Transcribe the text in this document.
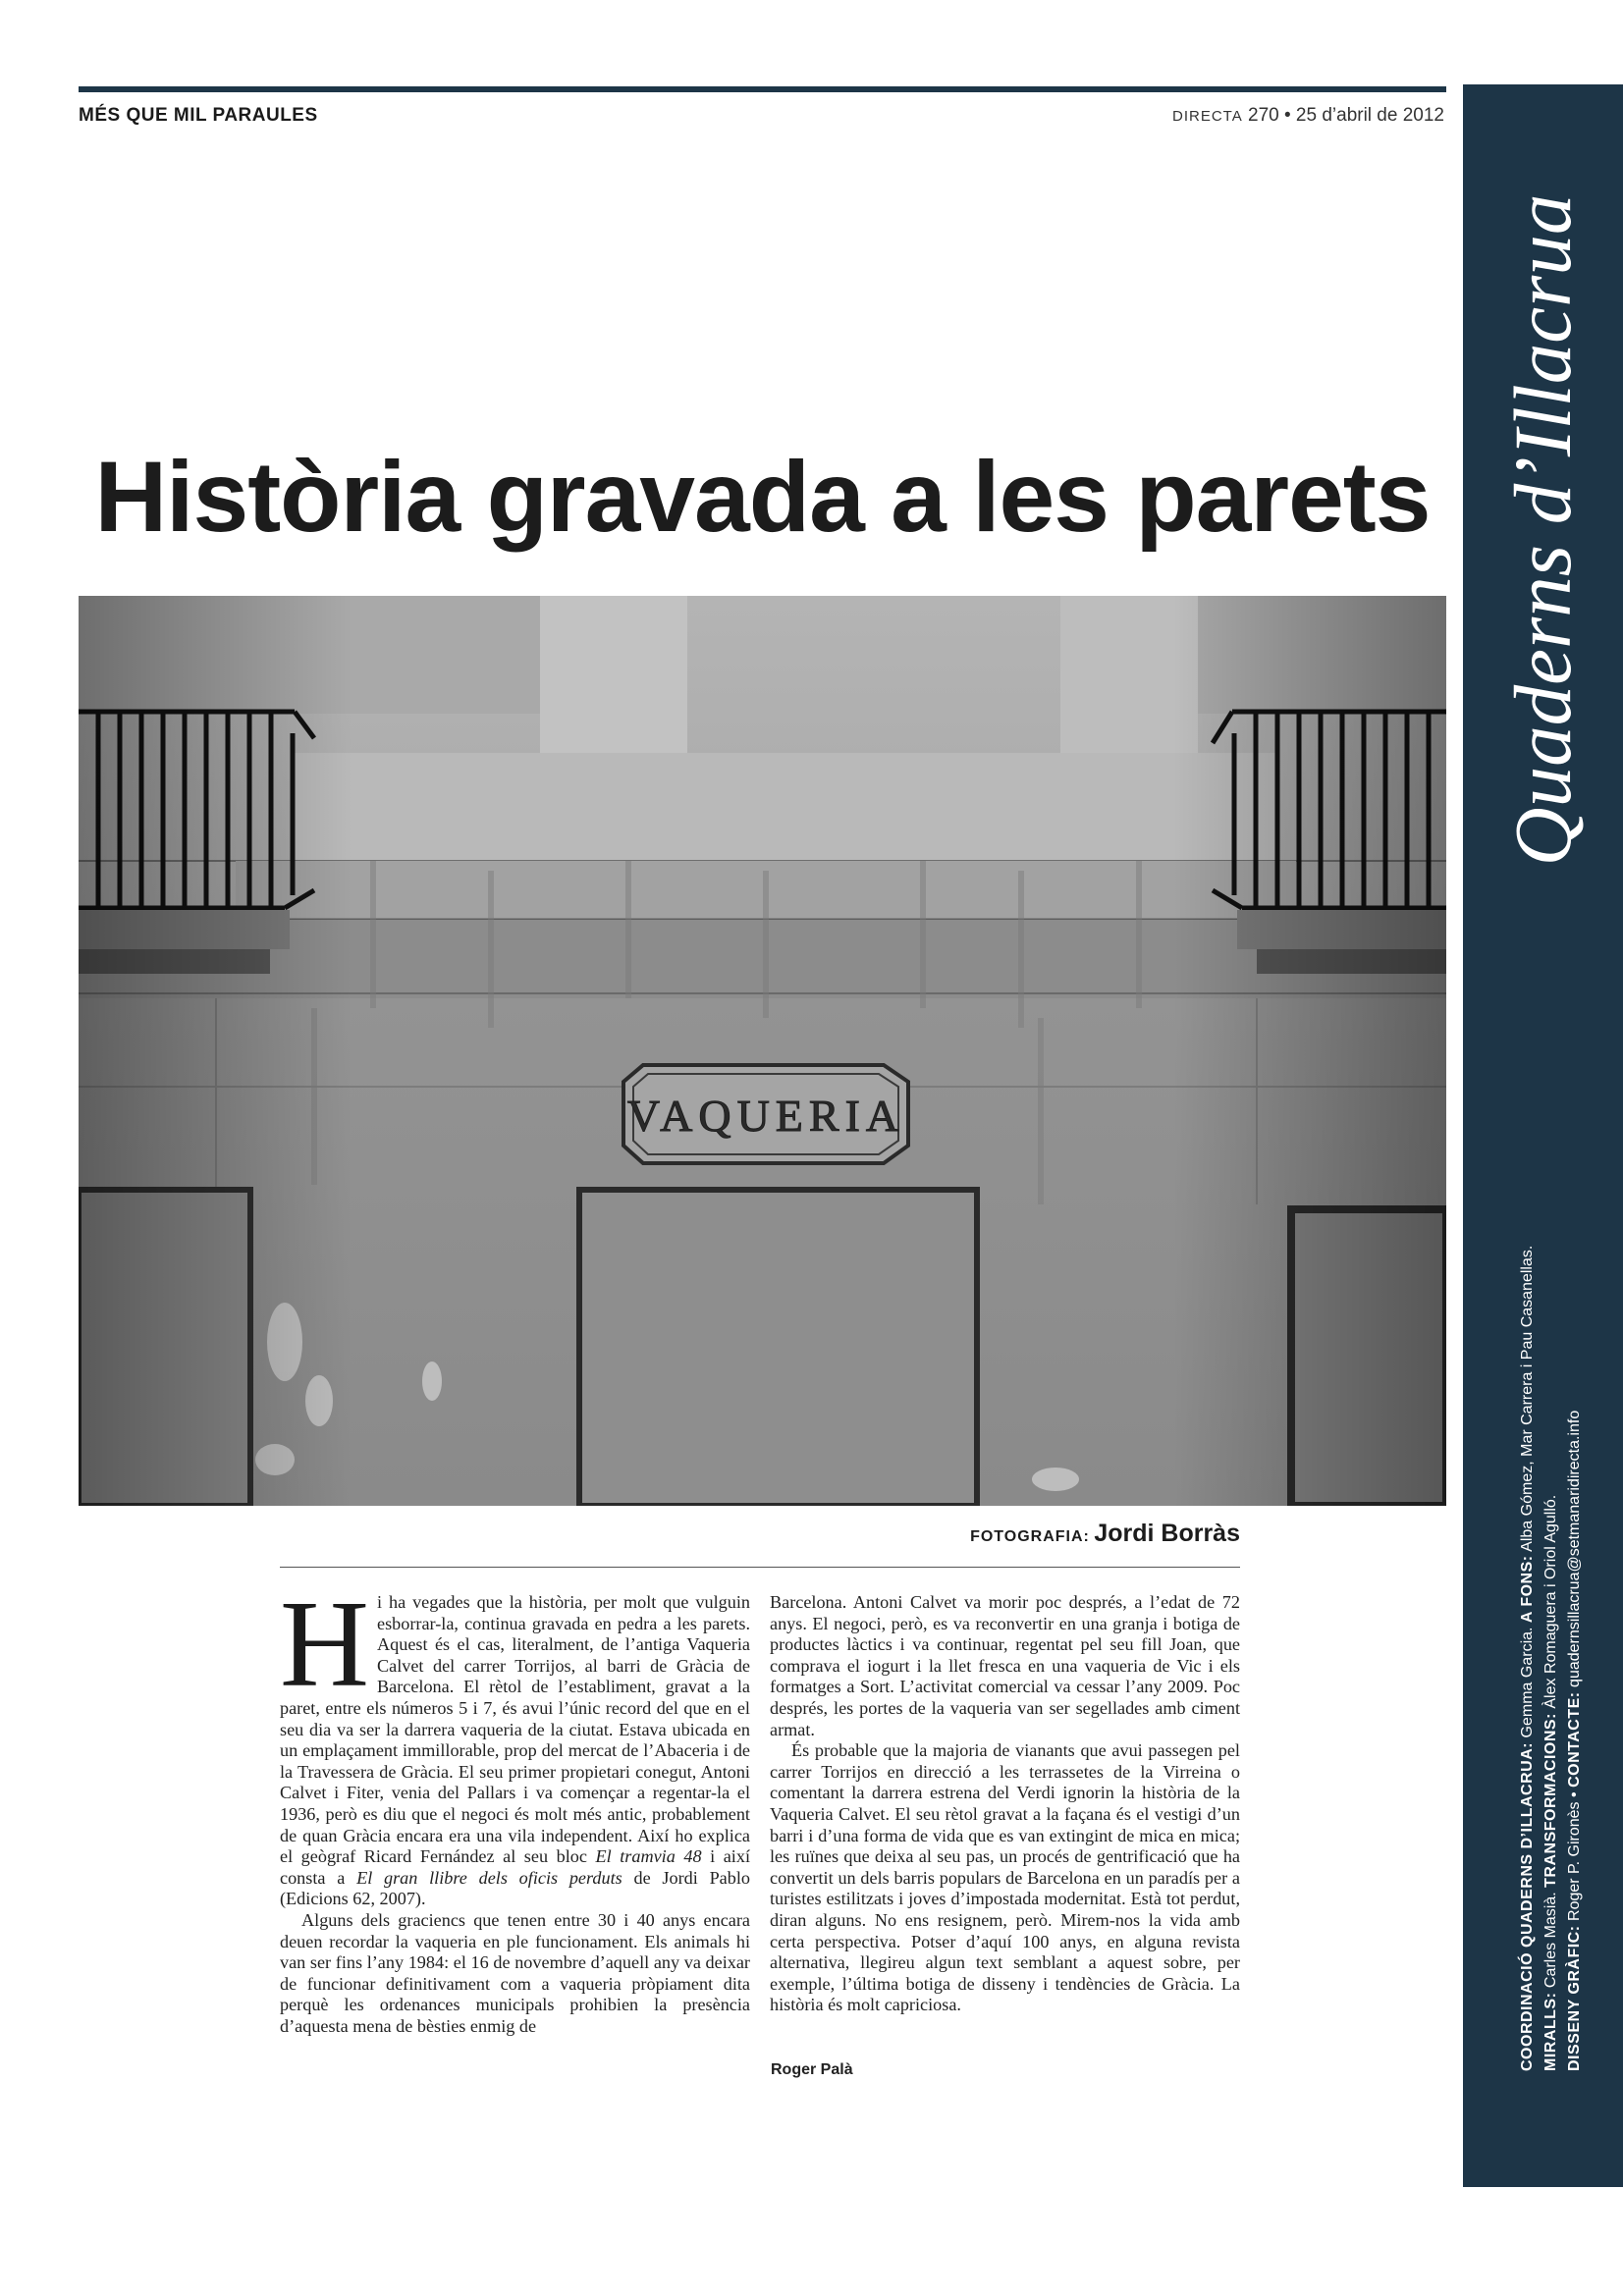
MÉS QUE MIL PARAULES	DIRECTA 270 • 25 d’abril de 2012
Història gravada a les parets
FOTOGRAFIA: Jordi Borràs

Hi ha vegades que la història, per molt que vulguin esborrar-la, continua gravada en pedra a les parets. Aquest és el cas, literalment, de l’antiga Vaqueria Calvet del carrer Torrijos, al barri de Gràcia de Barcelona. El rètol de l’establiment, gravat a la paret, entre els números 5 i 7, és avui l’únic record del que en el seu dia va ser la darrera vaqueria de la ciutat. Estava ubicada en un emplaçament immillorable, prop del mercat de l’Abaceria i de la Travessera de Gràcia. El seu primer propietari conegut, Antoni Calvet i Fiter, venia del Pallars i va començar a regentar-la el 1936, però es diu que el negoci és molt més antic, probablement de quan Gràcia encara era una vila independent. Així ho explica el geògraf Ricard Fernández al seu bloc El tramvia 48 i així consta a El gran llibre dels oficis perduts de Jordi Pablo (Edicions 62, 2007).

Alguns dels graciencs que tenen entre 30 i 40 anys encara deuen recordar la vaqueria en ple funcionament. Els animals hi van ser fins l’any 1984: el 16 de novembre d’aquell any va deixar de funcionar definitivament com a vaqueria pròpiament dita perquè les ordenances municipals prohibien la presència d’aquesta mena de bèsties enmig de

Barcelona. Antoni Calvet va morir poc després, a l’edat de 72 anys. El negoci, però, es va reconvertir en una granja i botiga de productes làctics i va continuar, regentat pel seu fill Joan, que comprava el iogurt i la llet fresca en una vaqueria de Vic i els formatges a Sort. L’activitat comercial va cessar l’any 2009. Poc després, les portes de la vaqueria van ser segellades amb ciment armat.

És probable que la majoria de vianants que avui passegen pel carrer Torrijos en direcció a les terrassetes de la Virreina o comentant la darrera estrena del Verdi ignorin la història de la Vaqueria Calvet. El seu rètol gravat a la façana és el vestigi d’un barri i d’una forma de vida que es van extingint de mica en mica; les ruïnes que deixa al seu pas, un procés de gentrificació que ha convertit un dels barris populars de Barcelona en un paradís per a turistes estilitzats i joves d’impostada modernitat. Està tot perdut, diran alguns. No ens resignem, però. Mirem-nos la vida amb certa perspectiva. Potser d’aquí 100 anys, en alguna revista alternativa, llegireu algun text semblant a aquest sobre, per exemple, l’última botiga de disseny i tendències de Gràcia. La història és molt capriciosa.

Roger Palà
Quaderns d’Illacrua
COORDINACIÓ QUADERNS D’ILLACRUA: Gemma Garcia. A FONS: Alba Gómez, Mar Carrera i Pau Casanellas.
MIRALLS: Carles Masià. TRANSFORMACIONS: Àlex Romaguera i Oriol Agulló.
DISSENY GRÀFIC: Roger P. Gironès • CONTACTE: quadernsillacrua@setmanaridirecta.info
